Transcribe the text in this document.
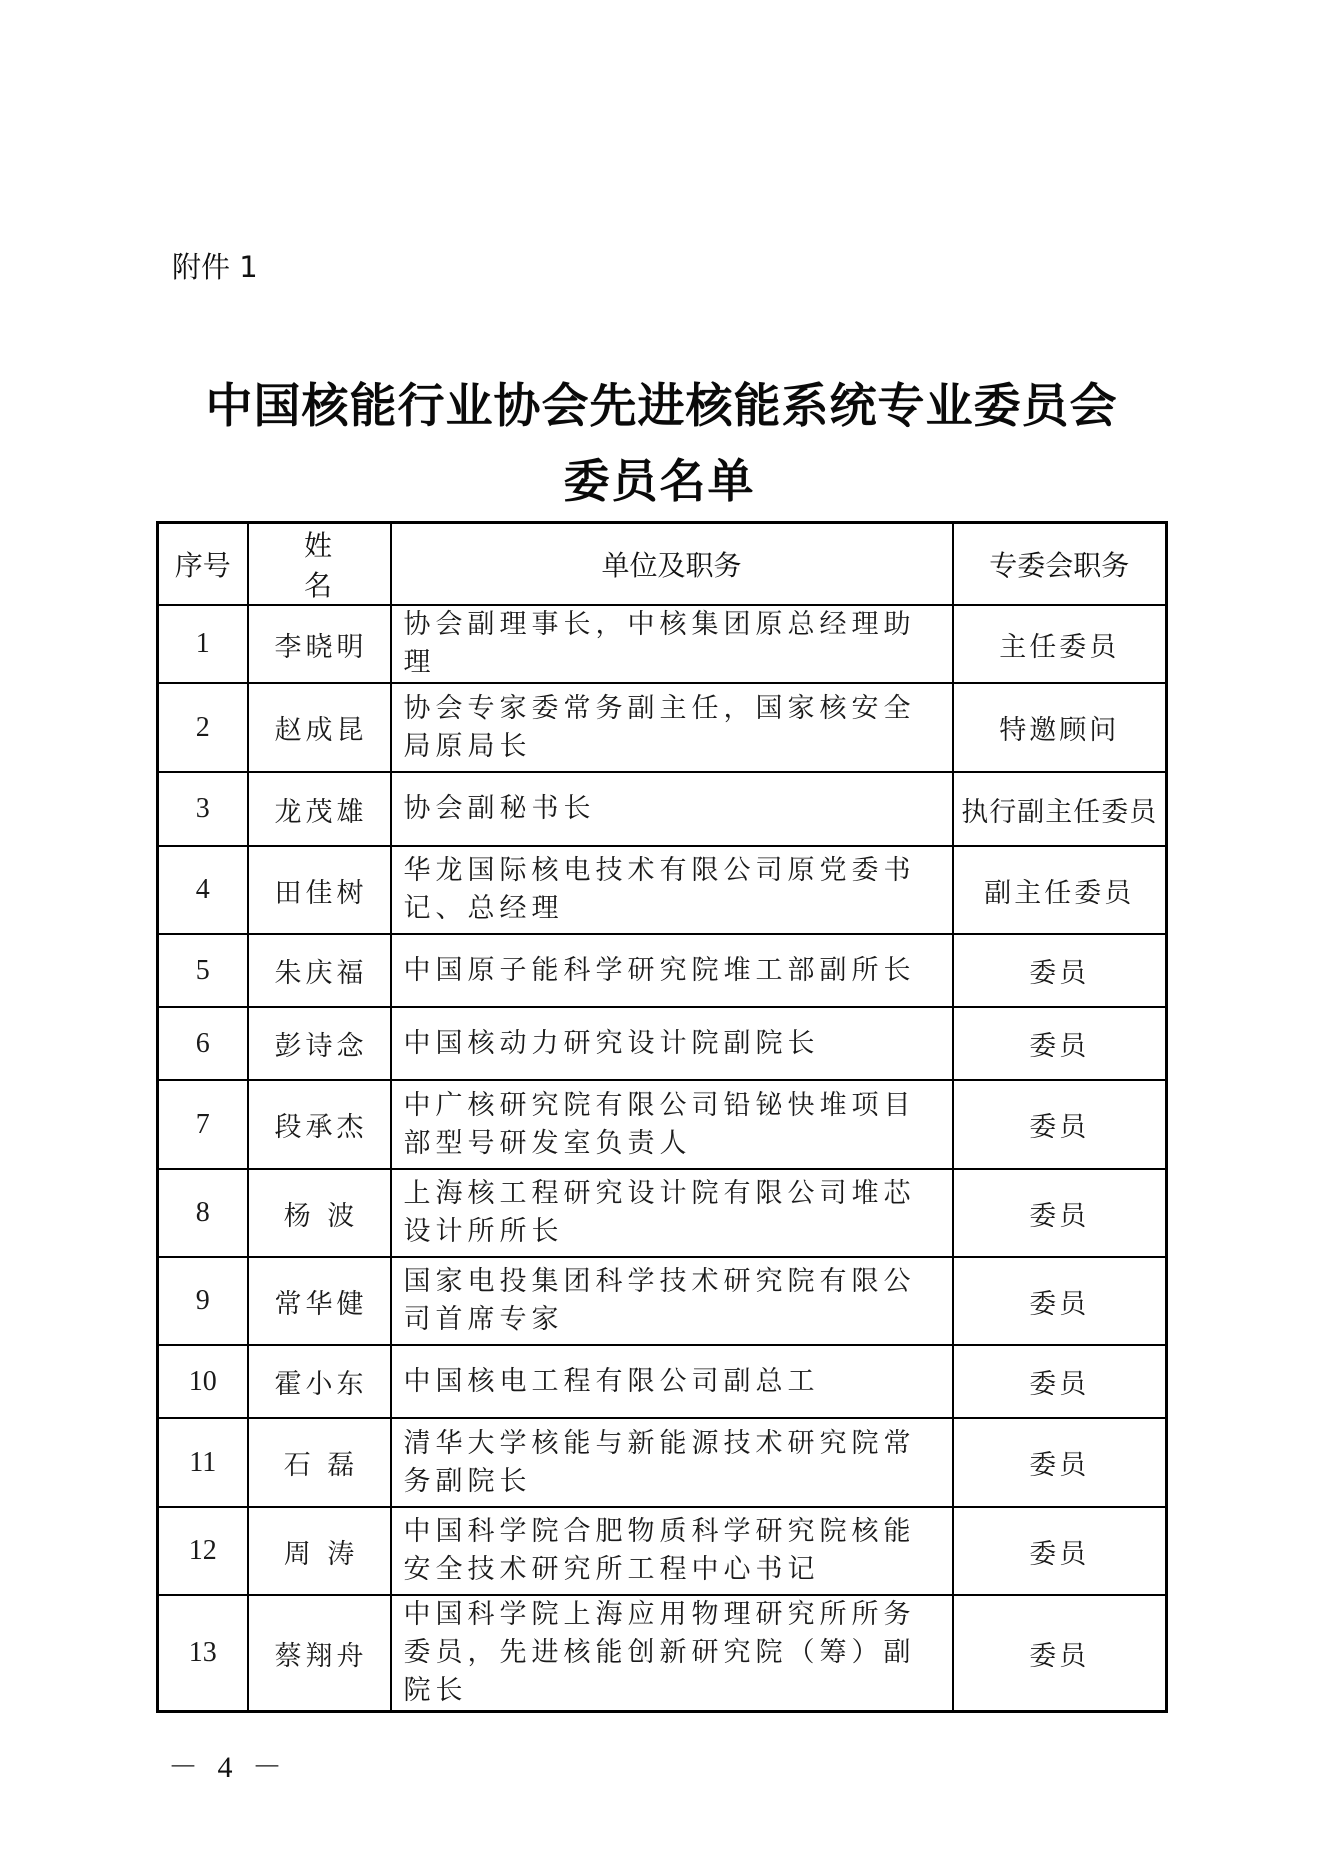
附件 1
中国核能行业协会先进核能系统专业委员会
委员名单
序号	姓 名	单位及职务	专委会职务
1	李晓明	协会副理事长，中核集团原总经理助理	主任委员
2	赵成昆	协会专家委常务副主任，国家核安全局原局长	特邀顾问
3	龙茂雄	协会副秘书长	执行副主任委员
4	田佳树	华龙国际核电技术有限公司原党委书记、总经理	副主任委员
5	朱庆福	中国原子能科学研究院堆工部副所长	委员
6	彭诗念	中国核动力研究设计院副院长	委员
7	段承杰	中广核研究院有限公司铅铋快堆项目部型号研发室负责人	委员
8	杨 波	上海核工程研究设计院有限公司堆芯设计所所长	委员
9	常华健	国家电投集团科学技术研究院有限公司首席专家	委员
10	霍小东	中国核电工程有限公司副总工	委员
11	石 磊	清华大学核能与新能源技术研究院常务副院长	委员
12	周 涛	中国科学院合肥物质科学研究院核能安全技术研究所工程中心书记	委员
13	蔡翔舟	中国科学院上海应用物理研究所所务委员，先进核能创新研究院（筹）副院长	委员
－ 4 －
